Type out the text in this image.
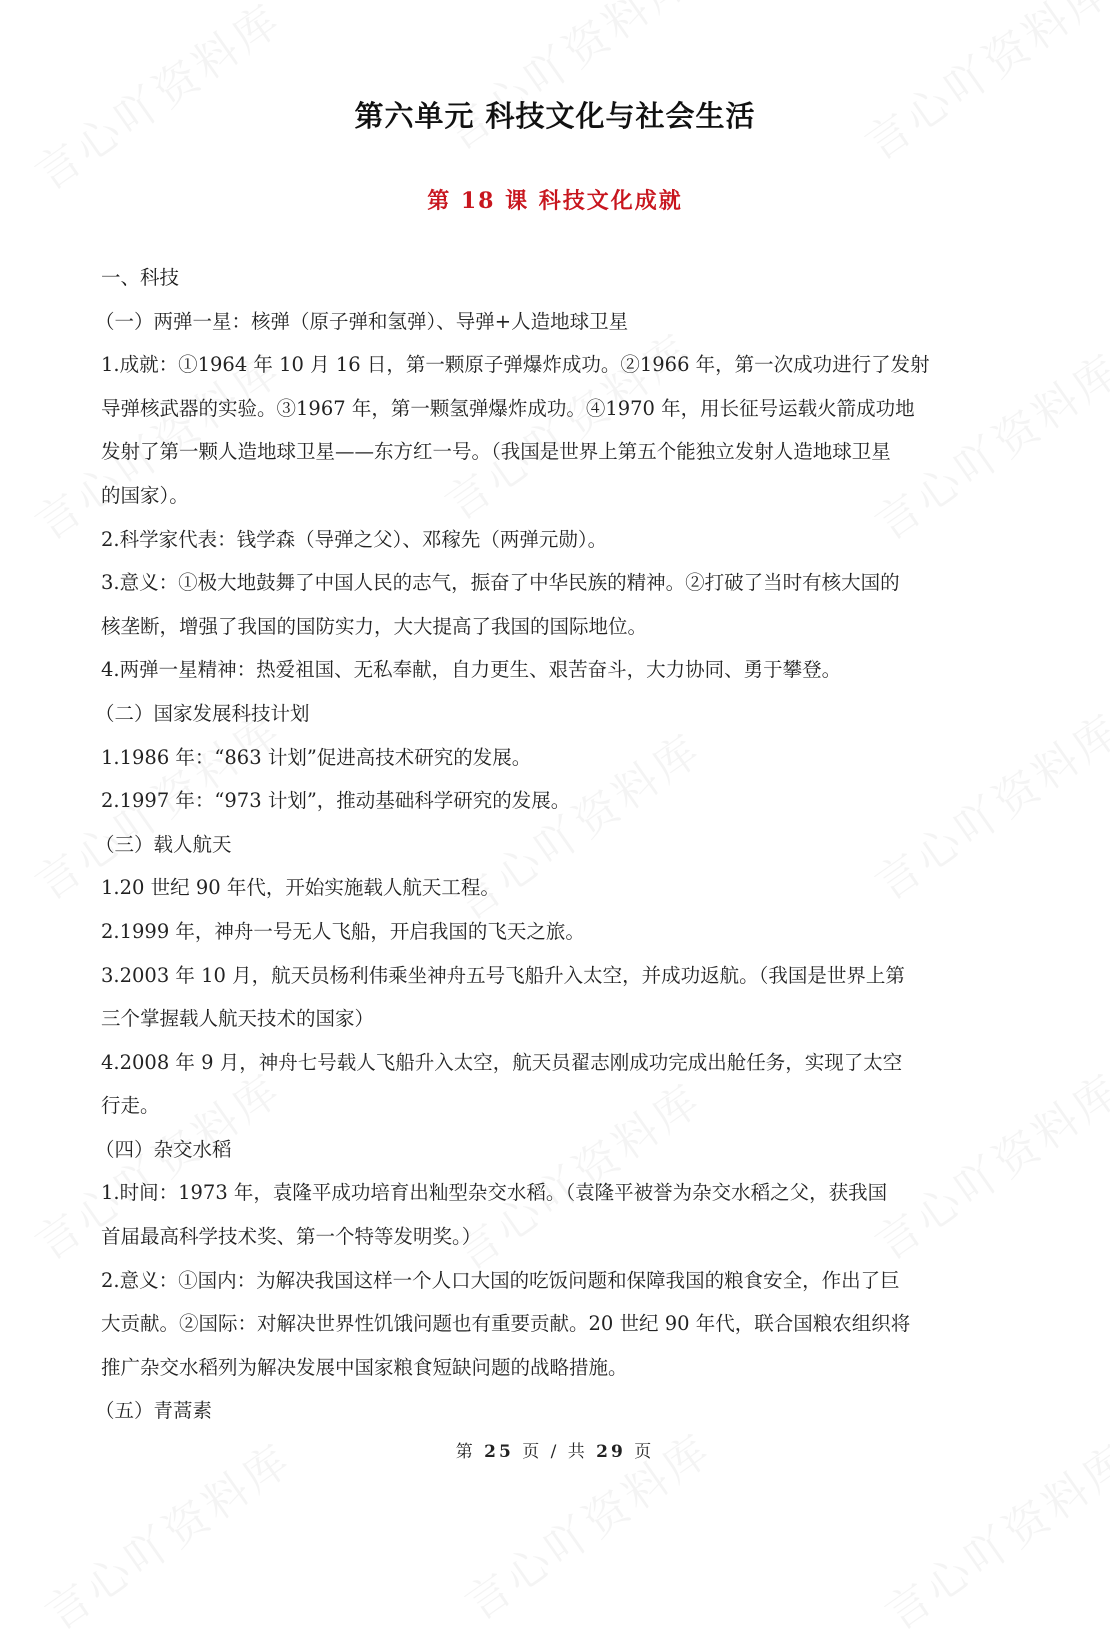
第六单元 科技文化与社会生活
第 18 课 科技文化成就
一、科技
（一）两弹一星：核弹（原子弹和氢弹）、导弹+人造地球卫星
1.成就：①1964 年 10 月 16 日，第一颗原子弹爆炸成功。②1966 年，第一次成功进行了发射
导弹核武器的实验。③1967 年，第一颗氢弹爆炸成功。④1970 年，用长征号运载火箭成功地
发射了第一颗人造地球卫星——东方红一号。（我国是世界上第五个能独立发射人造地球卫星
的国家）。
2.科学家代表：钱学森（导弹之父）、邓稼先（两弹元勋）。
3.意义：①极大地鼓舞了中国人民的志气，振奋了中华民族的精神。②打破了当时有核大国的
核垄断，增强了我国的国防实力，大大提高了我国的国际地位。
4.两弹一星精神：热爱祖国、无私奉献，自力更生、艰苦奋斗，大力协同、勇于攀登。
（二）国家发展科技计划
1.1986 年：“863 计划”促进高技术研究的发展。
2.1997 年：“973 计划”，推动基础科学研究的发展。
（三）载人航天
1.20 世纪 90 年代，开始实施载人航天工程。
2.1999 年，神舟一号无人飞船，开启我国的飞天之旅。
3.2003 年 10 月，航天员杨利伟乘坐神舟五号飞船升入太空，并成功返航。（我国是世界上第
三个掌握载人航天技术的国家）
4.2008 年 9 月，神舟七号载人飞船升入太空，航天员翟志刚成功完成出舱任务，实现了太空
行走。
（四）杂交水稻
1.时间：1973 年，袁隆平成功培育出籼型杂交水稻。（袁隆平被誉为杂交水稻之父，获我国
首届最高科学技术奖、第一个特等发明奖。）
2.意义：①国内：为解决我国这样一个人口大国的吃饭问题和保障我国的粮食安全，作出了巨
大贡献。②国际：对解决世界性饥饿问题也有重要贡献。20 世纪 90 年代，联合国粮农组织将
推广杂交水稻列为解决发展中国家粮食短缺问题的战略措施。
（五）青蒿素
第 25 页 / 共 29 页
